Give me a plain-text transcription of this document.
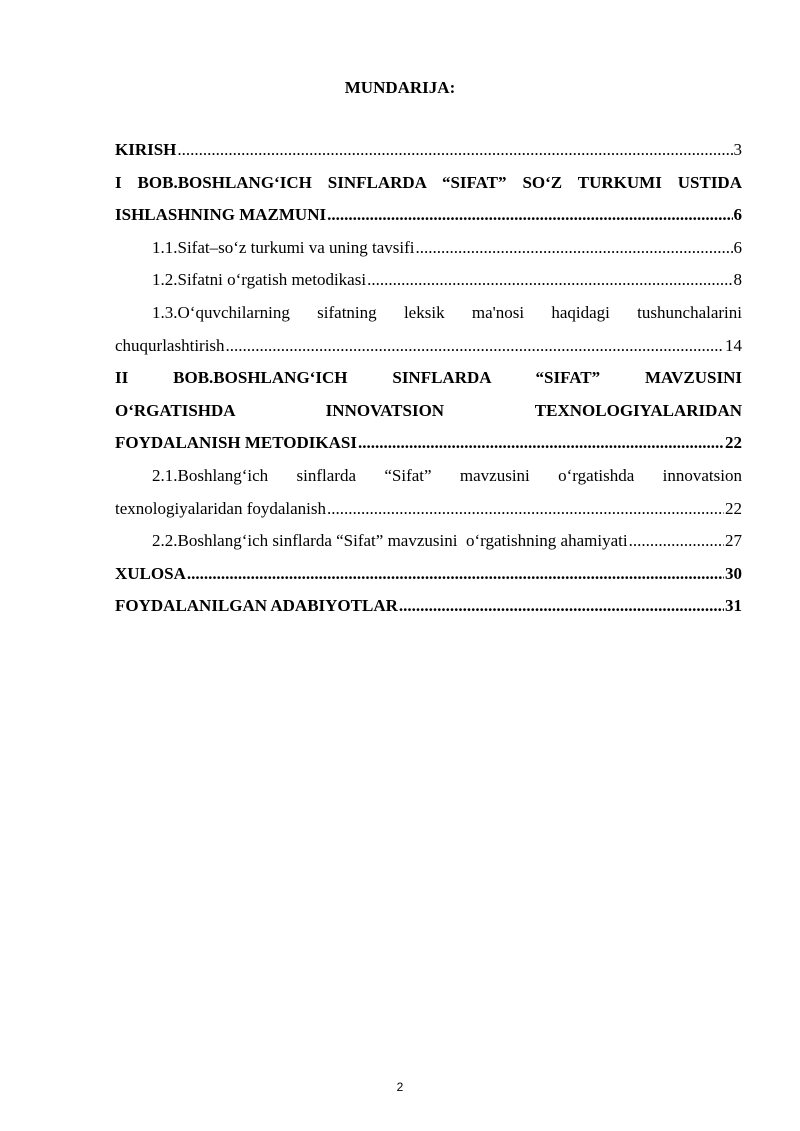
MUNDARIJA:
KIRISH .....	3
I BOB.BOSHLANG‘ICH SINFLARDA “SIFAT” SO‘Z TURKUMI USTIDA
ISHLASHNING MAZMUNI .....	6
1.1.Sifat–so‘z turkumi va uning tavsifi .....	6
1.2.Sifatni o‘rgatish metodikasi .....	8
1.3.O‘quvchilarning sifatning leksik ma'nosi haqidagi tushunchalarini
chuqurlashtirish .....	14
II BOB.BOSHLANG‘ICH SINFLARDA “SIFAT” MAVZUSINI
O‘RGATISHDA INNOVATSION TEXNOLOGIYALARIDAN
FOYDALANISH METODIKASI .....	22
2.1.Boshlang‘ich sinflarda “Sifat” mavzusini o‘rgatishda innovatsion
texnologiyalaridan foydalanish .....	22
2.2.Boshlang‘ich sinflarda “Sifat” mavzusini  o‘rgatishning ahamiyati .....	27
XULOSA .....	30
FOYDALANILGAN ADABIYOTLAR .....	31
2
